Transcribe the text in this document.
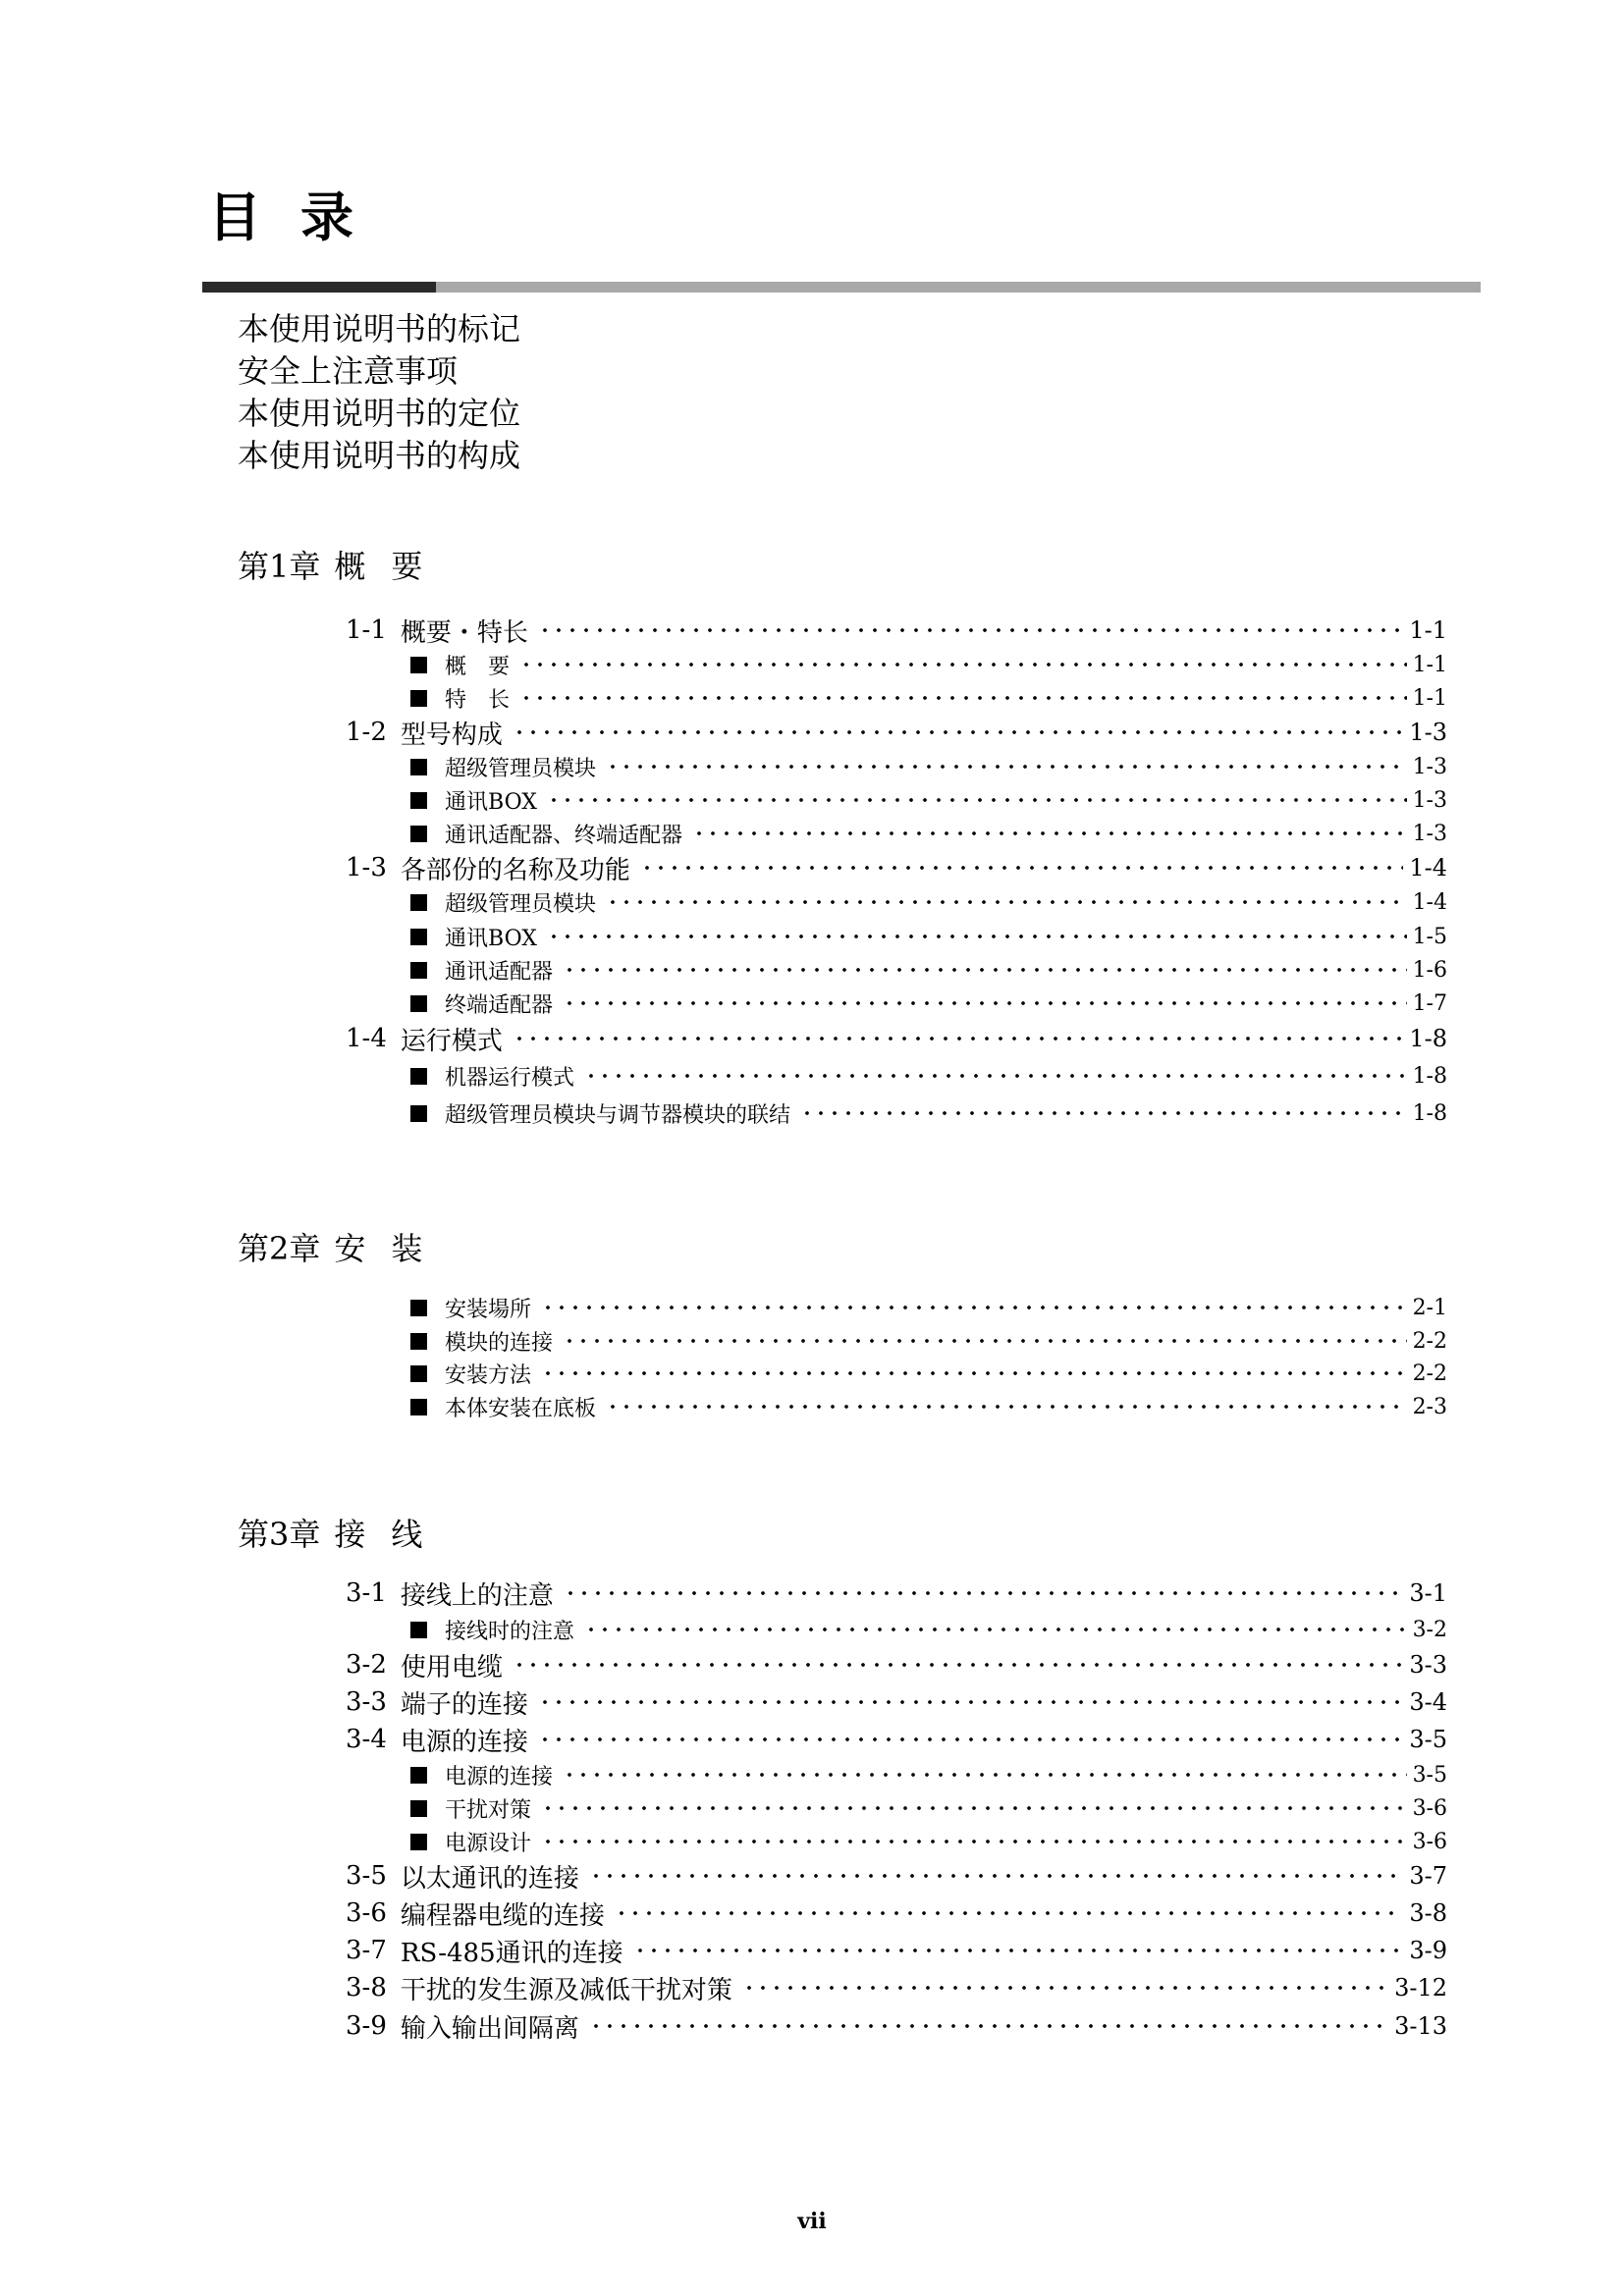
目录
本使用说明书的标记
安全上注意事项
本使用说明书的定位
本使用说明书的构成
第1章 概要
1-1 概要・特长	1-1
概　要	1-1
特　长	1-1
1-2 型号构成	1-3
超级管理员模块	1-3
通讯BOX	1-3
通讯适配器、终端适配器	1-3
1-3 各部份的名称及功能	1-4
超级管理员模块	1-4
通讯BOX	1-5
通讯适配器	1-6
终端适配器	1-7
1-4 运行模式	1-8
机器运行模式	1-8
超级管理员模块与调节器模块的联结	1-8
第2章 安装
安装場所	2-1
模块的连接	2-2
安装方法	2-2
本体安装在底板	2-3
第3章 接线
3-1 接线上的注意	3-1
接线时的注意	3-2
3-2 使用电缆	3-3
3-3 端子的连接	3-4
3-4 电源的连接	3-5
电源的连接	3-5
干扰对策	3-6
电源设计	3-6
3-5 以太通讯的连接	3-7
3-6 编程器电缆的连接	3-8
3-7 RS-485通讯的连接	3-9
3-8 干扰的发生源及减低干扰对策	3-12
3-9 输入输出间隔离	3-13
vii
